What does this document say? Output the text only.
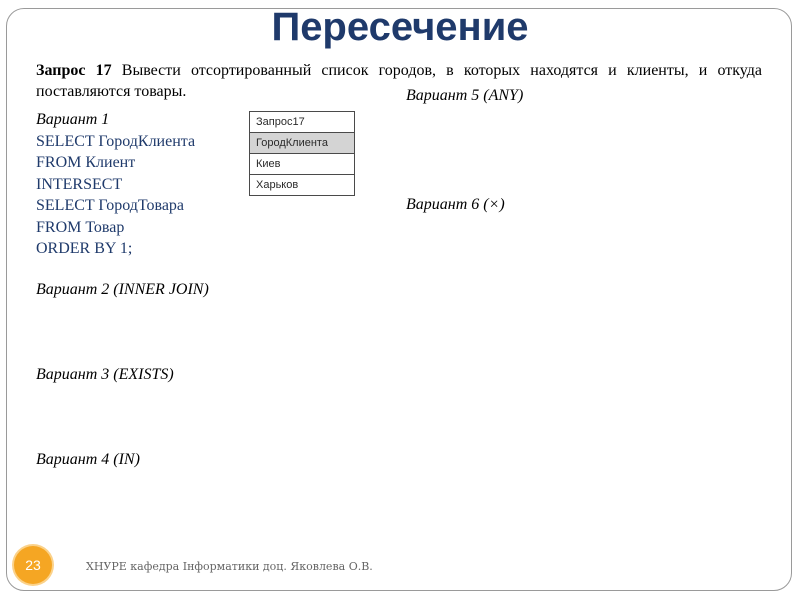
Пересечение
Запрос 17 Вывести отсортированный список городов, в которых находятся и клиенты, и откуда поставляются товары.	Вариант 5 (ANY)
Вариант 6 (×)
Вариант 1
SELECT ГородКлиента
FROM Клиент
INTERSECT
SELECT ГородТовара
FROM Товар
ORDER BY 1;
Вариант 2 (INNER JOIN)
Вариант 3 (EXISTS)
Вариант 4 (IN)
Запрос17
ГородКлиента
Киев
Харьков
23	ХНУРЕ кафедра Інформатики доц. Яковлева О.В.
